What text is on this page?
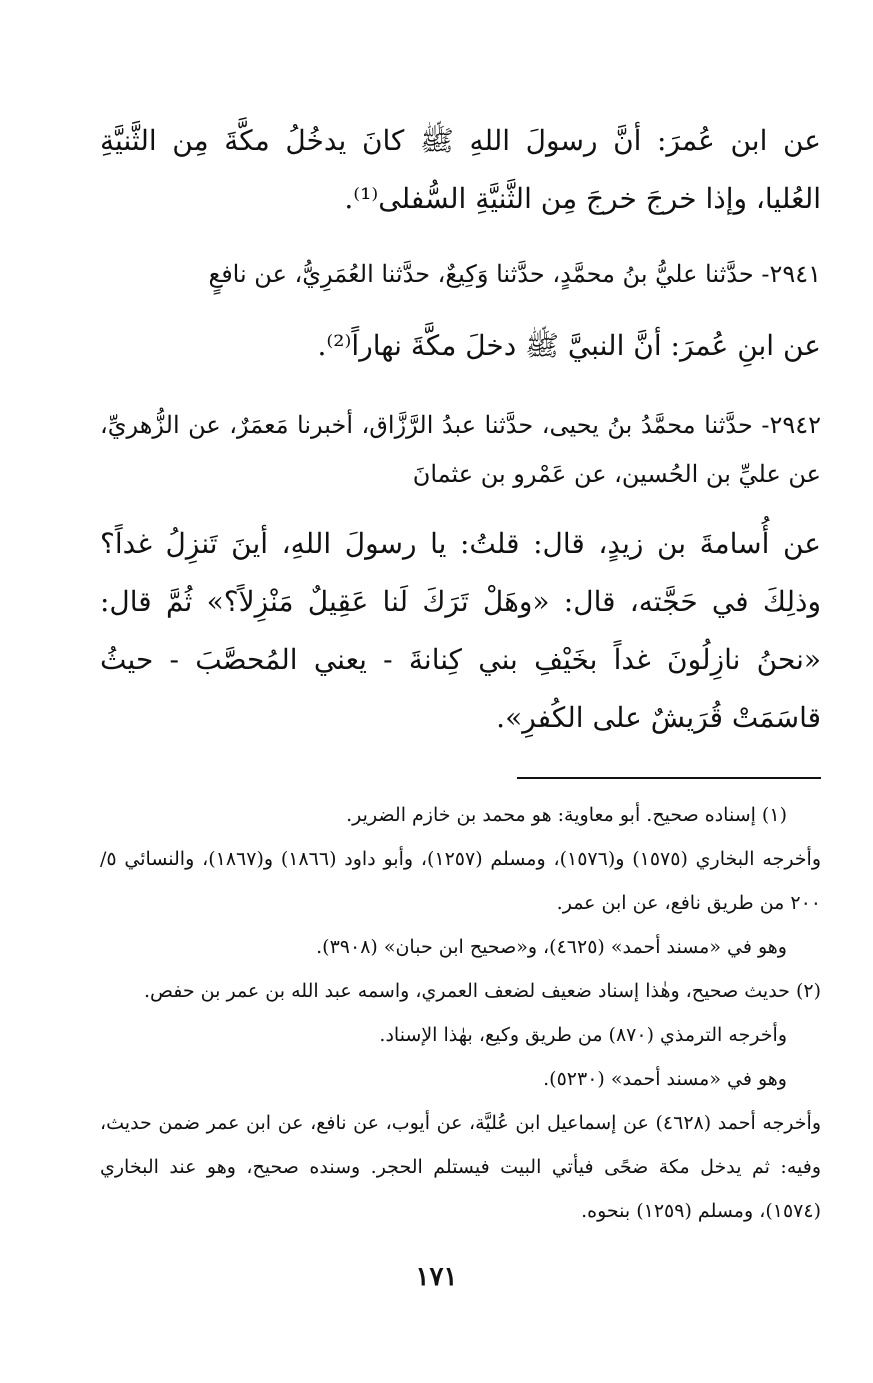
عن ابن عُمرَ: أنَّ رسولَ اللهِ ﷺ كانَ يدخُلُ مكَّةَ مِن الثَّنيَّةِ العُليا، وإذا خرجَ خرجَ مِن الثَّنيَّةِ السُّفلى⁽¹⁾.

٢٩٤١- حدَّثنا عليُّ بنُ محمَّدٍ، حدَّثنا وَكِيعٌ، حدَّثنا العُمَرِيُّ، عن نافعٍ

عن ابنِ عُمرَ: أنَّ النبيَّ ﷺ دخلَ مكَّةَ نهاراً⁽²⁾.

٢٩٤٢- حدَّثنا محمَّدُ بنُ يحيى، حدَّثنا عبدُ الرَّزَّاق، أخبرنا مَعمَرٌ، عن الزُّهريِّ، عن عليِّ بن الحُسين، عن عَمْرو بن عثمانَ

عن أُسامةَ بن زيدٍ، قال: قلتُ: يا رسولَ اللهِ، أينَ تَنزِلُ غداً؟ وذلِكَ في حَجَّته، قال: «وهَلْ تَرَكَ لَنا عَقِيلٌ مَنْزِلاً؟» ثُمَّ قال: «نحنُ نازِلُونَ غداً بخَيْفِ بني كِنانةَ - يعني المُحصَّبَ - حيثُ قاسَمَتْ قُرَيشٌ على الكُفرِ».

(١) إسناده صحيح. أبو معاوية: هو محمد بن خازم الضرير.

وأخرجه البخاري (١٥٧٥) و(١٥٧٦)، ومسلم (١٢٥٧)، وأبو داود (١٨٦٦) و(١٨٦٧)، والنسائي ٥/ ٢٠٠ من طريق نافع، عن ابن عمر.

وهو في «مسند أحمد» (٤٦٢٥)، و«صحيح ابن حبان» (٣٩٠٨).

(٢) حديث صحيح، وهٰذا إسناد ضعيف لضعف العمري، واسمه عبد الله بن عمر بن حفص.

وأخرجه الترمذي (٨٧٠) من طريق وكيع، بهٰذا الإسناد.

وهو في «مسند أحمد» (٥٢٣٠).

وأخرجه أحمد (٤٦٢٨) عن إسماعيل ابن عُليَّة، عن أيوب، عن نافع، عن ابن عمر ضمن حديث، وفيه: ثم يدخل مكة ضحًى فيأتي البيت فيستلم الحجر. وسنده صحيح، وهو عند البخاري (١٥٧٤)، ومسلم (١٢٥٩) بنحوه.

١٧١
